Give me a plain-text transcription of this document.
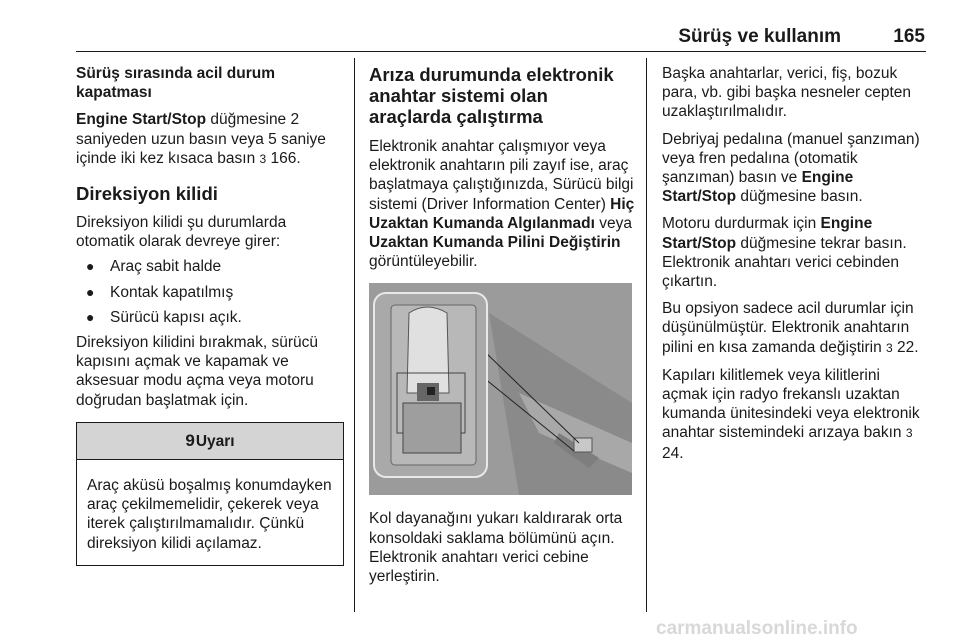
Sürüş ve kullanım	165

Sürüş sırasında acil durum kapatması

Engine Start/Stop düğmesine 2 saniyeden uzun basın veya 5 saniye içinde iki kez kısaca basın 3 166.

Direksiyon kilidi

Direksiyon kilidi şu durumlarda otomatik olarak devreye girer:

● Araç sabit halde
● Kontak kapatılmış
● Sürücü kapısı açık.

Direksiyon kilidini bırakmak, sürücü kapısını açmak ve kapamak ve aksesuar modu açma veya motoru doğrudan başlatmak için.

9Uyarı
Araç aküsü boşalmış konumdayken araç çekilmemelidir, çekerek veya iterek çalıştırılmamalıdır. Çünkü direksiyon kilidi açılamaz.
Arıza durumunda elektronik anahtar sistemi olan araçlarda çalıştırma

Elektronik anahtar çalışmıyor veya elektronik anahtarın pili zayıf ise, araç başlatmaya çalıştığınızda, Sürücü bilgi sistemi (Driver Information Center) Hiç Uzaktan Kumanda Algılanmadı veya Uzaktan Kumanda Pilini Değiştirin görüntüleyebilir.

Kol dayanağını yukarı kaldırarak orta konsoldaki saklama bölümünü açın. Elektronik anahtarı verici cebine yerleştirin.

Başka anahtarlar, verici, fiş, bozuk para, vb. gibi başka nesneler cepten uzaklaştırılmalıdır.

Debriyaj pedalına (manuel şanzıman) veya fren pedalına (otomatik şanzıman) basın ve Engine Start/Stop düğmesine basın.

Motoru durdurmak için Engine Start/Stop düğmesine tekrar basın. Elektronik anahtarı verici cebinden çıkartın.

Bu opsiyon sadece acil durumlar için düşünülmüştür. Elektronik anahtarın pilini en kısa zamanda değiştirin 3 22.

Kapıları kilitlemek veya kilitlerini açmak için radyo frekanslı uzaktan kumanda ünitesindeki veya elektronik anahtar sistemindeki arızaya bakın 3 24.

carmanualsonline.info
